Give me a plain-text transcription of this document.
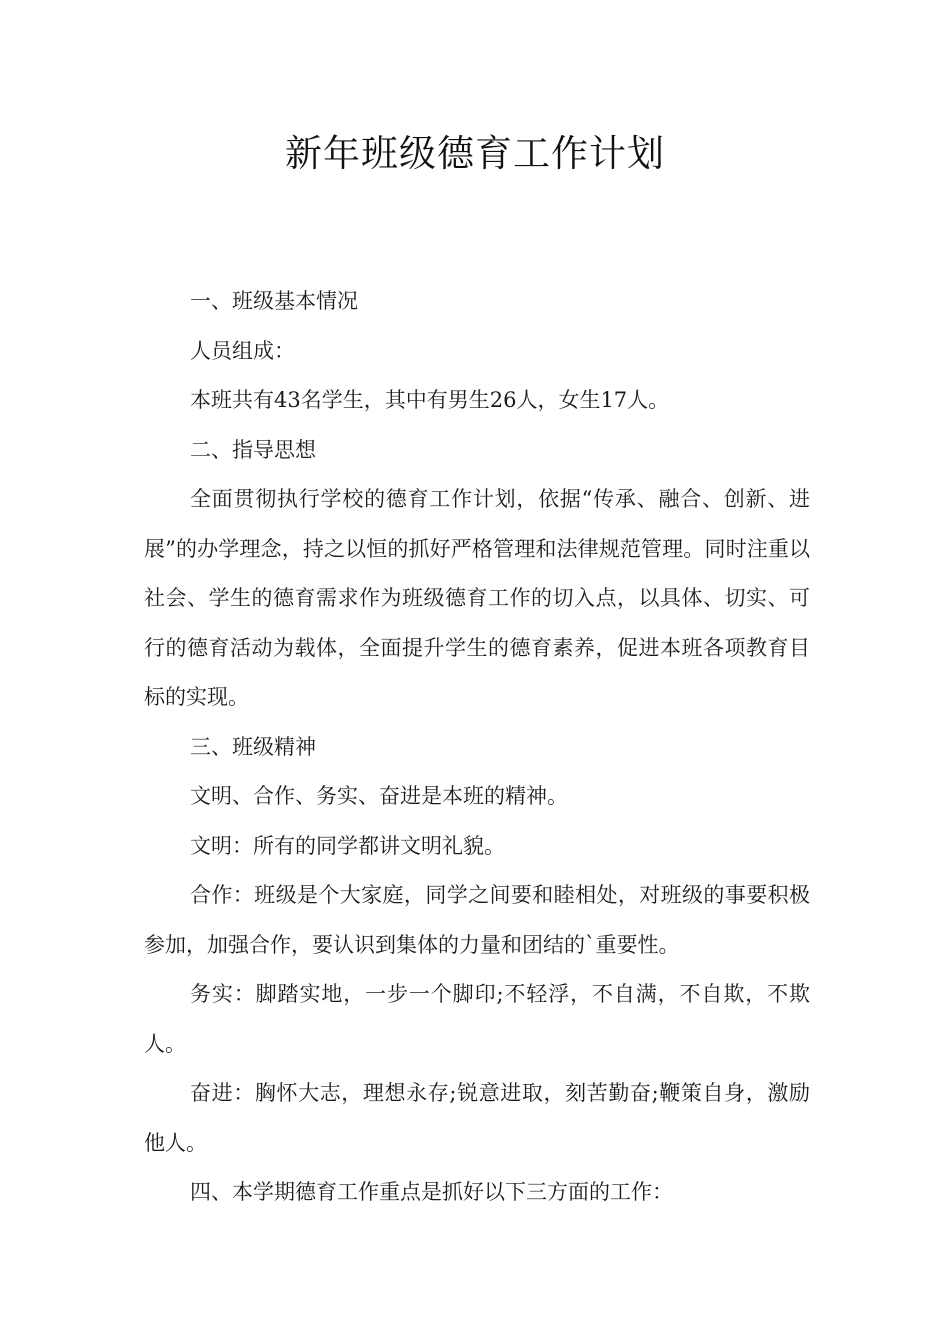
新年班级德育工作计划

一、班级基本情况

人员组成：

本班共有43名学生，其中有男生26人，女生17人。

二、指导思想

全面贯彻执行学校的德育工作计划，依据“传承、融合、创新、进展”的办学理念，持之以恒的抓好严格管理和法律规范管理。同时注重以社会、学生的德育需求作为班级德育工作的切入点，以具体、切实、可行的德育活动为载体，全面提升学生的德育素养，促进本班各项教育目标的实现。

三、班级精神

文明、合作、务实、奋进是本班的精神。

文明：所有的同学都讲文明礼貌。

合作：班级是个大家庭，同学之间要和睦相处，对班级的事要积极参加，加强合作，要认识到集体的力量和团结的`重要性。

务实：脚踏实地，一步一个脚印;不轻浮，不自满，不自欺，不欺人。

奋进：胸怀大志，理想永存;锐意进取，刻苦勤奋;鞭策自身，激励他人。

四、本学期德育工作重点是抓好以下三方面的工作：
